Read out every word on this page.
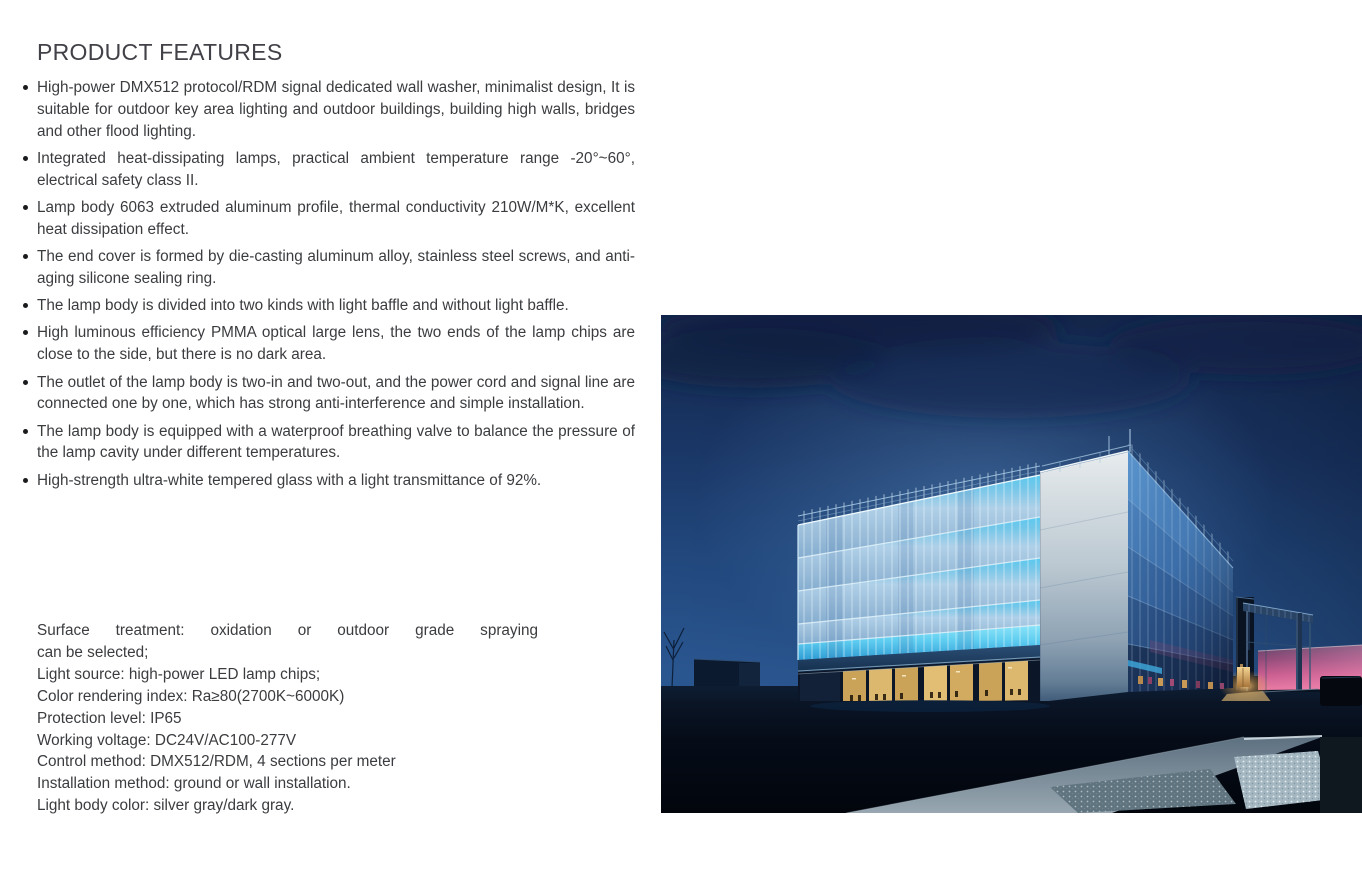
PRODUCT FEATURES
High-power DMX512 protocol/RDM signal dedicated wall washer, minimalist design, It is suitable for outdoor key area lighting and outdoor buildings, building high walls, bridges and other flood lighting.
Integrated heat-dissipating lamps, practical ambient temperature range -20°~60°, electrical safety class II.
Lamp body 6063 extruded aluminum profile, thermal conductivity 210W/M*K, excellent heat dissipation effect.
The end cover is formed by die-casting aluminum alloy, stainless steel screws, and anti-aging silicone sealing ring.
The lamp body is divided into two kinds with light baffle and without light baffle.
High luminous efficiency PMMA optical large lens, the two ends of the lamp chips are close to the side, but there is no dark area.
The outlet of the lamp body is two-in and two-out, and the power cord and signal line are connected one by one, which has strong anti-interference and simple installation.
The lamp body is equipped with a waterproof breathing valve to balance the pressure of the lamp cavity under different temperatures.
High-strength ultra-white tempered glass with a light transmittance of 92%.
Surface treatment: oxidation or outdoor grade spraying
can be selected;
Light source: high-power LED lamp chips;
Color rendering index: Ra≥80(2700K~6000K)
Protection level: IP65
Working voltage: DC24V/AC100-277V
Control method: DMX512/RDM, 4 sections per meter
Installation method: ground or wall installation.
Light body color: silver gray/dark gray.
